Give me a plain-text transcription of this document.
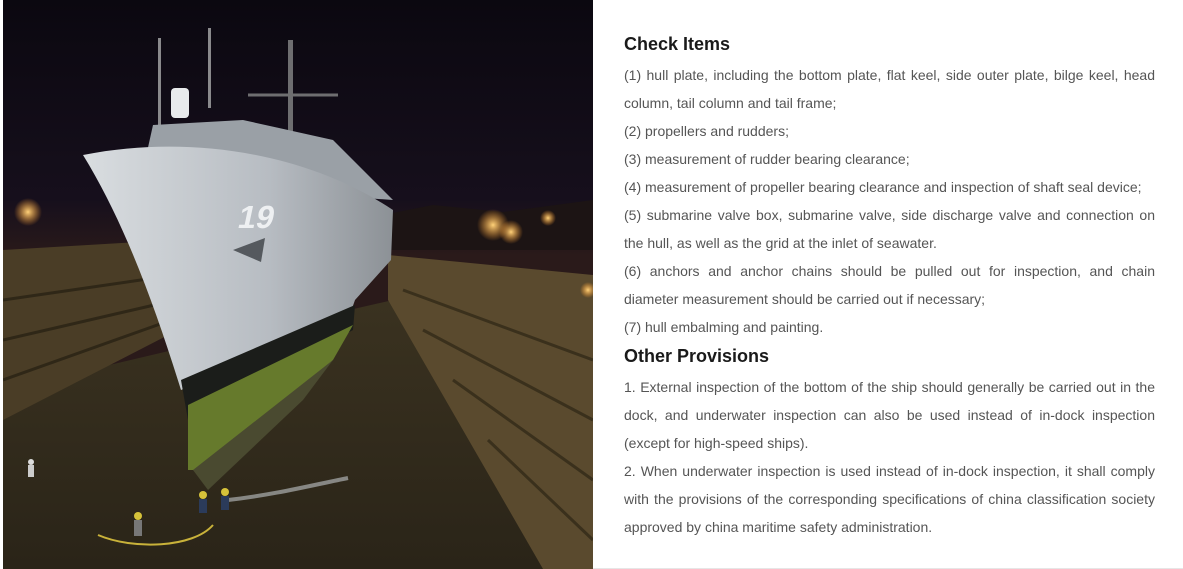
19
Check Items
(1) hull plate, including the bottom plate, flat keel, side outer plate, bilge keel, head column, tail column and tail frame;
(2) propellers and rudders;
(3) measurement of rudder bearing clearance;
(4) measurement of propeller bearing clearance and inspection of shaft seal device;
(5) submarine valve box, submarine valve, side discharge valve and connection on the hull, as well as the grid at the inlet of seawater.
(6) anchors and anchor chains should be pulled out for inspection, and chain diameter measurement should be carried out if necessary;
(7) hull embalming and painting.
Other Provisions
1. External inspection of the bottom of the ship should generally be carried out in the dock, and underwater inspection can also be used instead of in-dock inspection (except for high-speed ships).
2. When underwater inspection is used instead of in-dock inspection, it shall comply with the provisions of the corresponding specifications of china classification society approved by china maritime safety administration.
